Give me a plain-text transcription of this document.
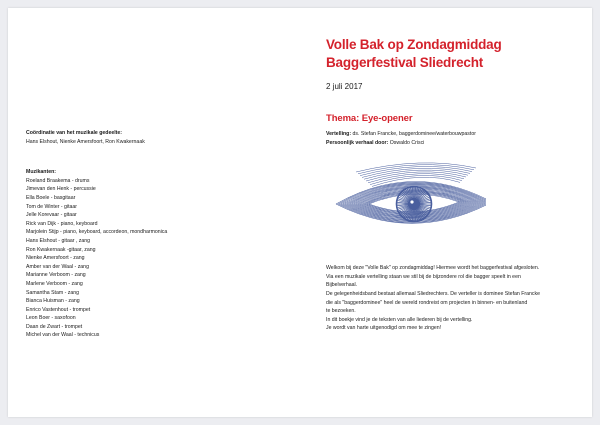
Coördinatie van het muzikale gedeelte:
Hans Elshout, Nienke Amersfoort, Ron Kwakernaak
Muzikanten:
Roeland Braakema - drums
Jimevan den Henk - percussie
Ella Boele - basgitaar
Tom de Winter - gitaar
Jelle Korevaar - gitaar
Rick van Dijk - piano, keyboard
Marjolein Stijp - piano, keyboard, accordeon, mondharmonica
Hans Elshout - gitaar , zang
Ron Kwakernaak -gitaar, zang
Nienke Amersfoort - zang
Amber van der Waal - zang
Marianne Verboom - zang
Marlene Verboom - zang
Samantha Stam - zang
Bianca Huisman - zang
Enrico Vastenhout - trompet
Leon Boer - saxofoon
Daan de Zwart - trompet
Michel van der Waal - technicus
Volle Bak op Zondagmiddag
Baggerfestival Sliedrecht
2 juli 2017
Thema: Eye-opener
Vertelling: ds. Stefan Francke, baggerdominee/waterbouwpastor
Persoonlijk verhaal door: Oswaldo Crisci
Welkom bij deze "Volle Bak" op zondagmiddag! Hiermee wordt het baggerfestival afgesloten.
Via een muzikale vertelling staan we stil bij de bijzondere rol die bagger speelt in een
Bijbelverhaal.
De gelegenheidsband bestaat allemaal Sliedrechters. De verteller is dominee Stefan Francke
die als "baggerdominee" heel de wereld rondreist om projecten in binnen- en buitenland
te bezoeken.
In dit boekje vind je de teksten van alle liederen bij de vertelling.
Je wordt van harte uitgenodigd om mee te zingen!
